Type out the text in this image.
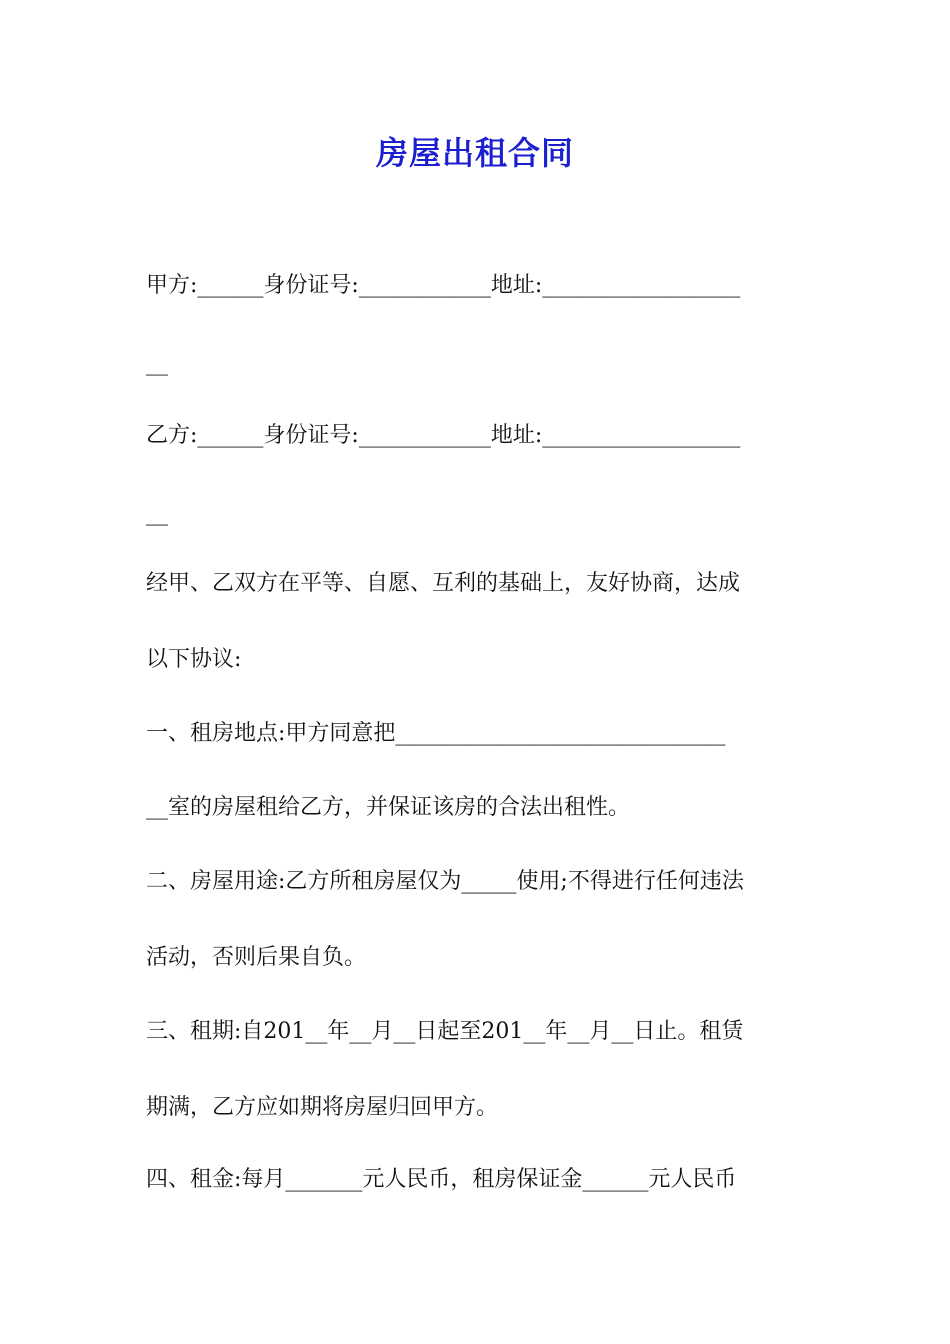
房屋出租合同
甲方:______身份证号:____________地址:__________________
__
乙方:______身份证号:____________地址:__________________
__
经甲、乙双方在平等、自愿、互利的基础上，友好协商，达成
以下协议:
一、租房地点:甲方同意把______________________________
__室的房屋租给乙方，并保证该房的合法出租性。
二、房屋用途:乙方所租房屋仅为_____使用;不得进行任何违法
活动，否则后果自负。
三、租期:自201__年__月__日起至201__年__月__日止。租赁
期满，乙方应如期将房屋归回甲方。
四、租金:每月_______元人民币，租房保证金______元人民币
